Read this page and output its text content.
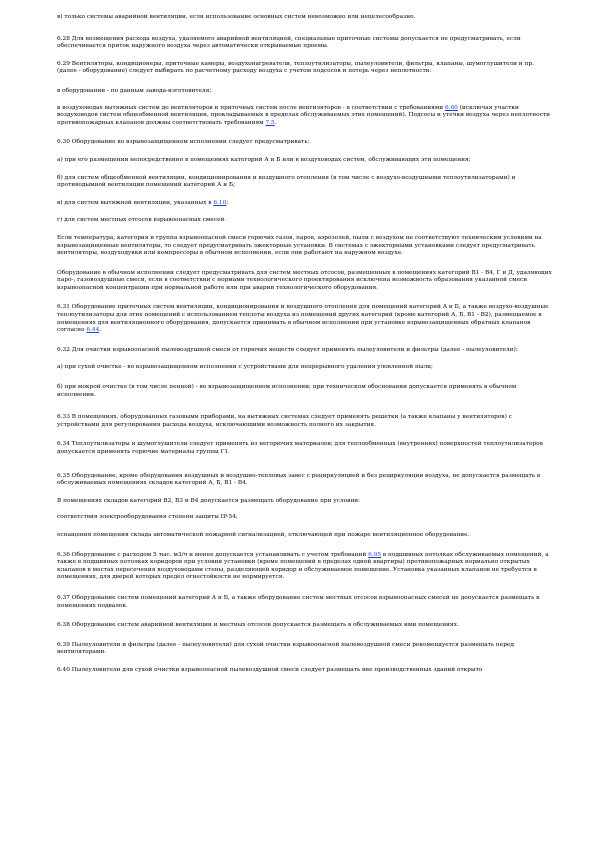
в) только системы аварийной вентиляции, если использование основных систем невозможно или нецелесообразно.

6.28 Для возмещения расхода воздуха, удаляемого аварийной вентиляцией, специальные приточные системы допускается не предусматривать, если обеспечивается приток наружного воздуха через автоматически открываемые проемы.

6.29 Вентиляторы, кондиционеры, приточные камеры, воздухонагреватели, теплоутилизаторы, пылеуловители, фильтры, клапаны, шумоглушители и пр. (далее - оборудование) следует выбирать по расчетному расходу воздуха с учетом подсосов и потерь через неплотности:

в оборудовании - по данным завода-изготовителя;

в воздуховодах вытяжных систем до вентиляторов и приточных систем после вентиляторов - в соответствии с требованиями 6.60 (исключая участки воздуховодов систем общеобменной вентиляции, прокладываемых в пределах обслуживаемых этих помещений). Подсосы и утечки воздуха через неплотности противопожарных клапанов должны соответствовать требованиям 7.5.

6.30 Оборудование во взрывозащищенном исполнении следует предусматривать:

а) при его размещении непосредственно в помещениях категорий А и Б или в воздуховодах систем, обслуживающих эти помещения;

б) для систем общеобменной вентиляции, кондиционирования и воздушного отопления (в том числе с воздухо-воздушными теплоутилизаторами) и противодымной вентиляции помещений категорий А и Б;

в) для систем вытяжной вентиляции, указанных в 6.10;

г) для систем местных отсосов взрывоопасных смесей.

Если температура, категория и группа взрывоопасной смеси горючих газов, паров, аэрозолей, пыли с воздухом не соответствуют техническим условиям на взрывозащищенные вентиляторы, то следует предусматривать эжекторные установки. В системах с эжекторными установками следует предусматривать вентиляторы, воздуходувки или компрессоры в обычном исполнении, если они работают на наружном воздухе.

Оборудование в обычном исполнении следует предусматривать для систем местных отсосов, размещенных в помещениях категорий В1 - В4, Г и Д, удаляющих паро-, газовоздушные смеси, если в соответствии с нормами технологического проектирования исключена возможность образования указанной смеси взрывоопасной концентрации при нормальной работе или при аварии технологического оборудования.

6.31 Оборудование приточных систем вентиляции, кондиционирования и воздушного отопления для помещений категорий А и Б, а также воздухо-воздушные теплоутилизаторы для этих помещений с использованием теплоты воздуха из помещений других категорий (кроме категорий А, Б, В1 - В2), размещаемое в помещениях для вентиляционного оборудования, допускается принимать в обычном исполнении при установке взрывозащищенных обратных клапанов согласно 6.44.

6.32 Для очистки взрывоопасной пылевоздушной смеси от горючих веществ следует применять пылеуловители и фильтры (далее - пылеуловители):

а) при сухой очистке - во взрывозащищенном исполнении с устройствами для непрерывного удаления уловленной пыли;

б) при мокрой очистке (в том числе пенной) - во взрывозащищенном исполнении; при техническом обосновании допускается применять в обычном исполнении.

6.33 В помещениях, оборудованных газовыми приборами, на вытяжных системах следует применять решетки (а также клапаны у вентиляторов) с устройствами для регулирования расхода воздуха, исключающими возможность полного их закрытия.

6.34 Теплоутилизаторы и шумоглушители следует применять из негорючих материалов; для теплообменных (внутренних) поверхностей теплоутилизаторов допускается применять горючие материалы группы Г1.

6.35 Оборудование, кроме оборудования воздушных и воздушно-тепловых завес с рециркуляцией и без рециркуляции воздуха, не допускается размещать в обслуживаемых помещениях складов категорий А, Б, В1 - В4.

В помещениях складов категорий В2, В3 и В4 допускается размещать оборудование при условии:

соответствия электрооборудования степени защиты IP-54;

оснащения помещения склада автоматической пожарной сигнализацией, отключающей при пожаре вентиляционное оборудование.

6.36 Оборудование с расходом 5 тыс. м3/ч и менее допускается устанавливать с учетом требований 6.95 в подшивных потолках обслуживаемых помещений, а также в подшивных потолках коридоров при условии установки (кроме помещений в пределах одной квартиры) противопожарных нормально открытых клапанов в местах пересечения воздуховодами стены, разделяющей коридор и обслуживаемое помещение. Установка указанных клапанов не требуется в помещениях, для дверей которых предел огнестойкости не нормируется.

6.37 Оборудование систем помещений категорий А и Б, а также оборудование систем местных отсосов взрывоопасных смесей не допускается размещать в помещениях подвалов.

6.38 Оборудование систем аварийной вентиляции и местных отсосов допускается размещать в обслуживаемых ими помещениях.

6.39 Пылеуловители и фильтры (далее - пылеуловители) для сухой очистки взрывоопасной пылевоздушной смеси рекомендуется размещать перед вентиляторами.

6.40 Пылеуловители для сухой очистки взрывоопасной пылевоздушной смеси следует размещать вне производственных зданий открыто
